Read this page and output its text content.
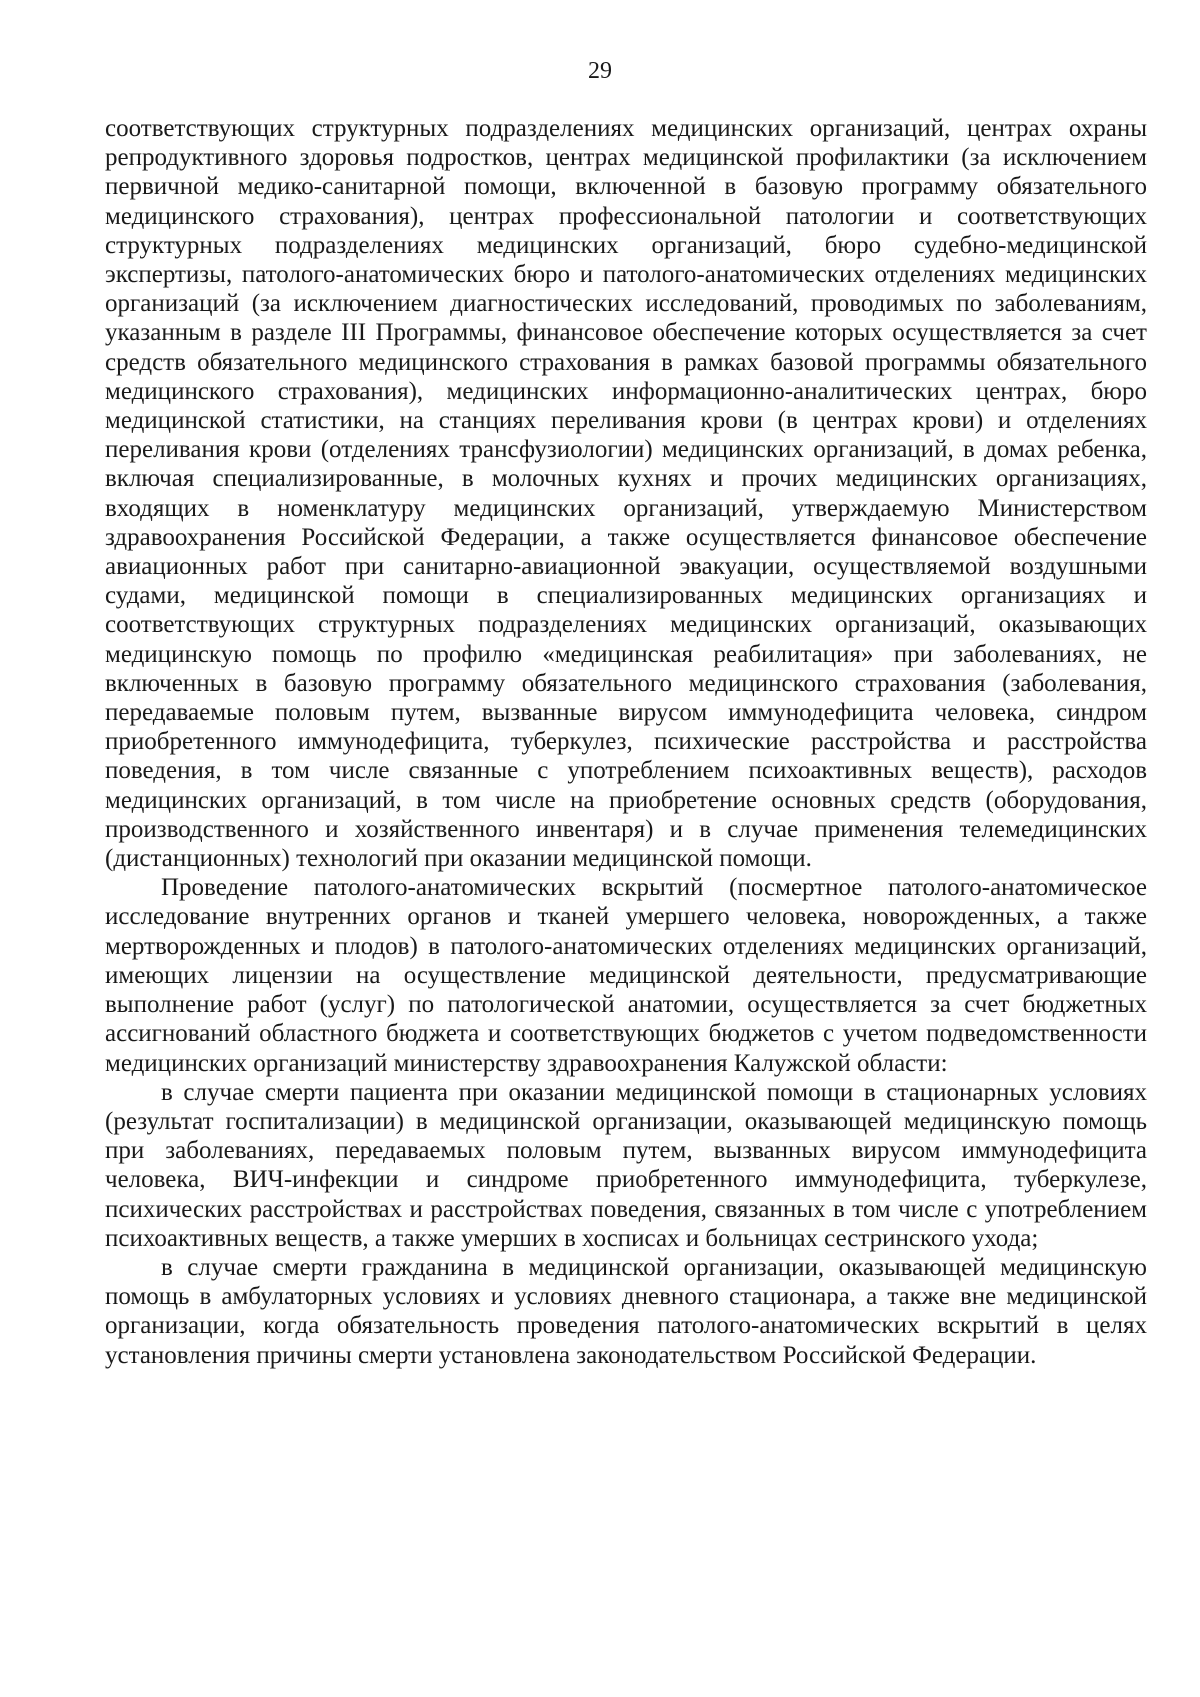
29

соответствующих структурных подразделениях медицинских организаций, центрах охраны репродуктивного здоровья подростков, центрах медицинской профилактики (за исключением первичной медико-санитарной помощи, включенной в базовую программу обязательного медицинского страхования), центрах профессиональной патологии и соответствующих структурных подразделениях медицинских организаций, бюро судебно-медицинской экспертизы, патолого-анатомических бюро и патолого-анатомических отделениях медицинских организаций (за исключением диагностических исследований, проводимых по заболеваниям, указанным в разделе III Программы, финансовое обеспечение которых осуществляется за счет средств обязательного медицинского страхования в рамках базовой программы обязательного медицинского страхования), медицинских информационно-аналитических центрах, бюро медицинской статистики, на станциях переливания крови (в центрах крови) и отделениях переливания крови (отделениях трансфузиологии) медицинских организаций, в домах ребенка, включая специализированные, в молочных кухнях и прочих медицинских организациях, входящих в номенклатуру медицинских организаций, утверждаемую Министерством здравоохранения Российской Федерации, а также осуществляется финансовое обеспечение авиационных работ при санитарно-авиационной эвакуации, осуществляемой воздушными судами, медицинской помощи в специализированных медицинских организациях и соответствующих структурных подразделениях медицинских организаций, оказывающих медицинскую помощь по профилю «медицинская реабилитация» при заболеваниях, не включенных в базовую программу обязательного медицинского страхования (заболевания, передаваемые половым путем, вызванные вирусом иммунодефицита человека, синдром приобретенного иммунодефицита, туберкулез, психические расстройства и расстройства поведения, в том числе связанные с употреблением психоактивных веществ), расходов медицинских организаций, в том числе на приобретение основных средств (оборудования, производственного и хозяйственного инвентаря) и в случае применения телемедицинских (дистанционных) технологий при оказании медицинской помощи.

Проведение патолого-анатомических вскрытий (посмертное патолого-анатомическое исследование внутренних органов и тканей умершего человека, новорожденных, а также мертворожденных и плодов) в патолого-анатомических отделениях медицинских организаций, имеющих лицензии на осуществление медицинской деятельности, предусматривающие выполнение работ (услуг) по патологической анатомии, осуществляется за счет бюджетных ассигнований областного бюджета и соответствующих бюджетов с учетом подведомственности медицинских организаций министерству здравоохранения Калужской области:

в случае смерти пациента при оказании медицинской помощи в стационарных условиях (результат госпитализации) в медицинской организации, оказывающей медицинскую помощь при заболеваниях, передаваемых половым путем, вызванных вирусом иммунодефицита человека, ВИЧ-инфекции и синдроме приобретенного иммунодефицита, туберкулезе, психических расстройствах и расстройствах поведения, связанных в том числе с употреблением психоактивных веществ, а также умерших в хосписах и больницах сестринского ухода;

в случае смерти гражданина в медицинской организации, оказывающей медицинскую помощь в амбулаторных условиях и условиях дневного стационара, а также вне медицинской организации, когда обязательность проведения патолого-анатомических вскрытий в целях установления причины смерти установлена законодательством Российской Федерации.
